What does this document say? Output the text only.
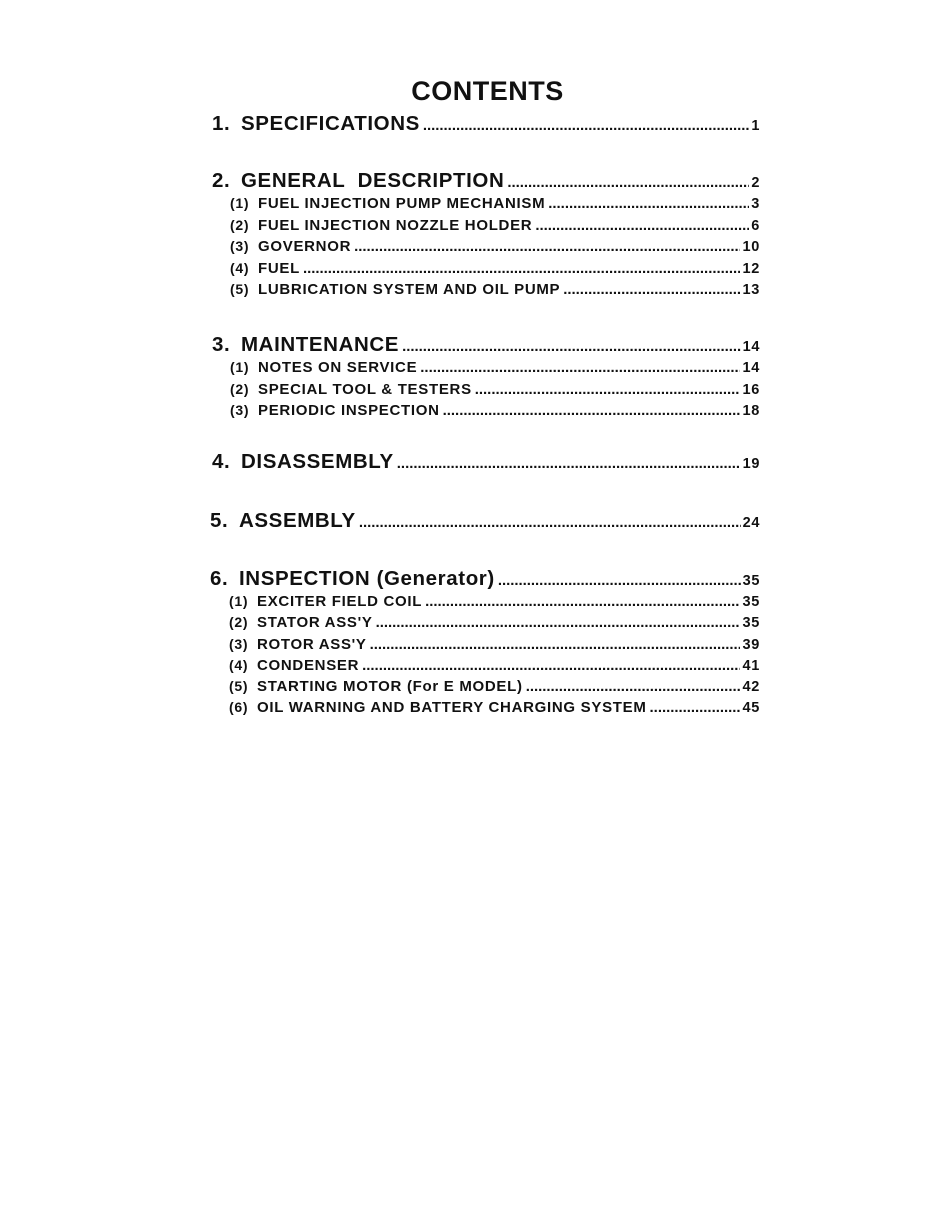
CONTENTS
1. SPECIFICATIONS . . .	1
2. GENERAL  DESCRIPTION . . .	2
(1) FUEL INJECTION PUMP MECHANISM . . .	3
(2) FUEL INJECTION NOZZLE HOLDER . . .	6
(3) GOVERNOR . . .	10
(4) FUEL . . .	12
(5) LUBRICATION SYSTEM AND OIL PUMP . . .	13
3. MAINTENANCE . . .	14
(1) NOTES ON SERVICE . . .	14
(2) SPECIAL TOOL & TESTERS . . .	16
(3) PERIODIC INSPECTION . . .	18
4. DISASSEMBLY . . .	19
5. ASSEMBLY . . .	24
6. INSPECTION (Generator) . . .	35
(1) EXCITER FIELD COIL . . .	35
(2) STATOR ASS'Y . . .	35
(3) ROTOR ASS'Y . . .	39
(4) CONDENSER . . .	41
(5) STARTING MOTOR (For E MODEL) . . .	42
(6) OIL WARNING AND BATTERY CHARGING SYSTEM . . .	45
